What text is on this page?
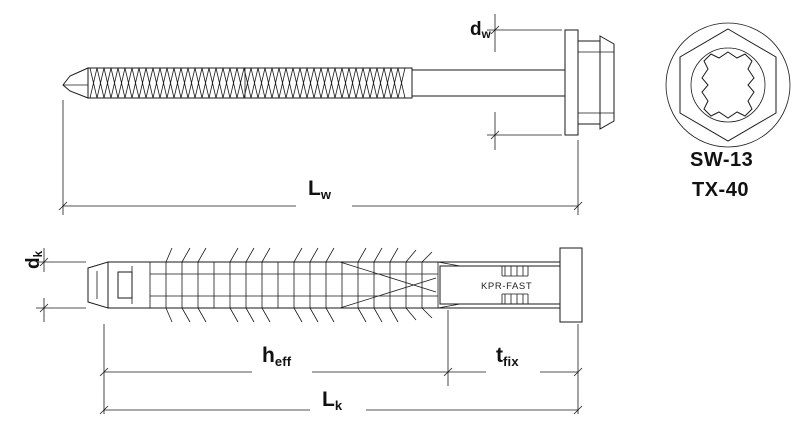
dw
Lw
dk
heff	tfix
Lk
SW-13
TX-40
KPR-FAST
